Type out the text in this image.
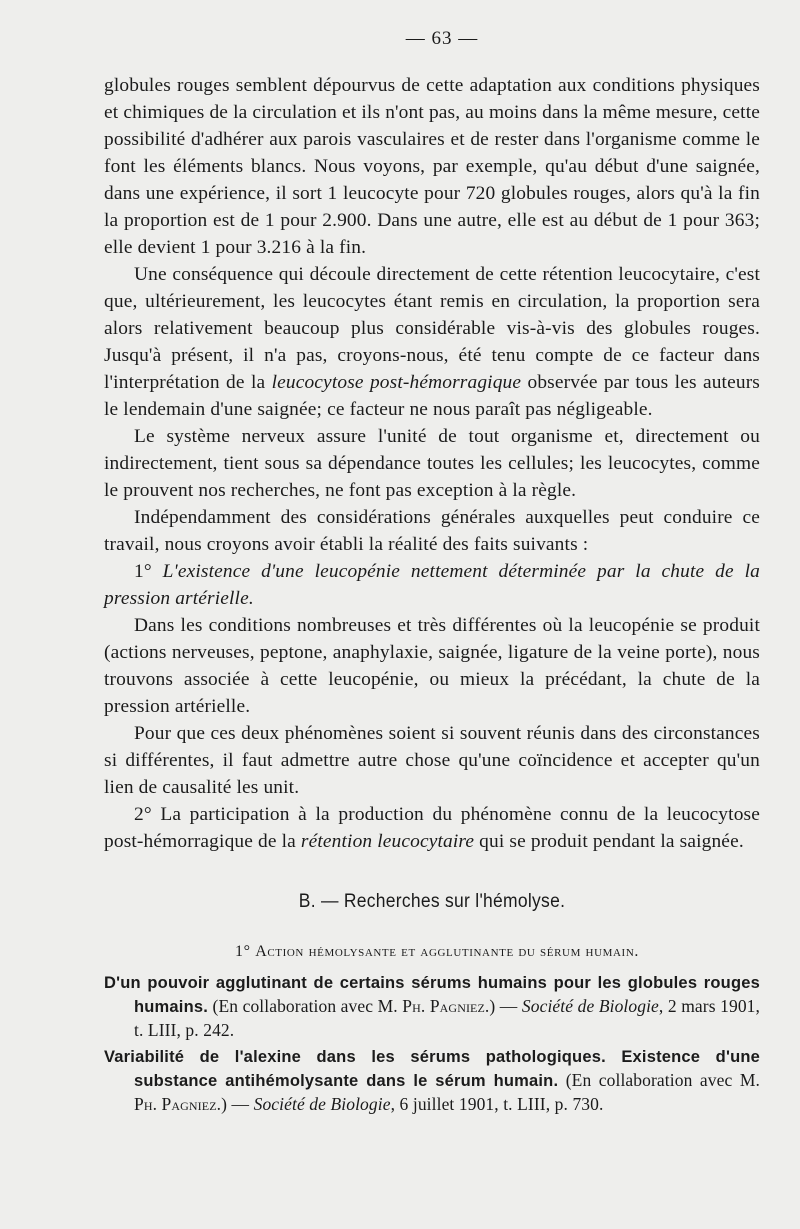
— 63 —

globules rouges semblent dépourvus de cette adaptation aux conditions physiques et chimiques de la circulation et ils n'ont pas, au moins dans la même mesure, cette possibilité d'adhérer aux parois vasculaires et de rester dans l'organisme comme le font les éléments blancs. Nous voyons, par exemple, qu'au début d'une saignée, dans une expérience, il sort 1 leucocyte pour 720 globules rouges, alors qu'à la fin la proportion est de 1 pour 2.900. Dans une autre, elle est au début de 1 pour 363; elle devient 1 pour 3.216 à la fin.

Une conséquence qui découle directement de cette rétention leucocytaire, c'est que, ultérieurement, les leucocytes étant remis en circulation, la proportion sera alors relativement beaucoup plus considérable vis-à-vis des globules rouges. Jusqu'à présent, il n'a pas, croyons-nous, été tenu compte de ce facteur dans l'interprétation de la leucocytose post-hémorragique observée par tous les auteurs le lendemain d'une saignée; ce facteur ne nous paraît pas négligeable.

Le système nerveux assure l'unité de tout organisme et, directement ou indirectement, tient sous sa dépendance toutes les cellules; les leucocytes, comme le prouvent nos recherches, ne font pas exception à la règle.

Indépendamment des considérations générales auxquelles peut conduire ce travail, nous croyons avoir établi la réalité des faits suivants :

1° L'existence d'une leucopénie nettement déterminée par la chute de la pression artérielle.

Dans les conditions nombreuses et très différentes où la leucopénie se produit (actions nerveuses, peptone, anaphylaxie, saignée, ligature de la veine porte), nous trouvons associée à cette leucopénie, ou mieux la précédant, la chute de la pression artérielle.

Pour que ces deux phénomènes soient si souvent réunis dans des circonstances si différentes, il faut admettre autre chose qu'une coïncidence et accepter qu'un lien de causalité les unit.

2° La participation à la production du phénomène connu de la leucocytose post-hémorragique de la rétention leucocytaire qui se produit pendant la saignée.

B. — Recherches sur l'hémolyse.
1° Action hémolysante et agglutinante du sérum humain.
D'un pouvoir agglutinant de certains sérums humains pour les globules rouges humains. (En collaboration avec M. Ph. Pagniez.) — Société de Biologie, 2 mars 1901, t. LIII, p. 242.
Variabilité de l'alexine dans les sérums pathologiques. Existence d'une substance antihémolysante dans le sérum humain. (En collaboration avec M. Ph. Pagniez.) — Société de Biologie, 6 juillet 1901, t. LIII, p. 730.
